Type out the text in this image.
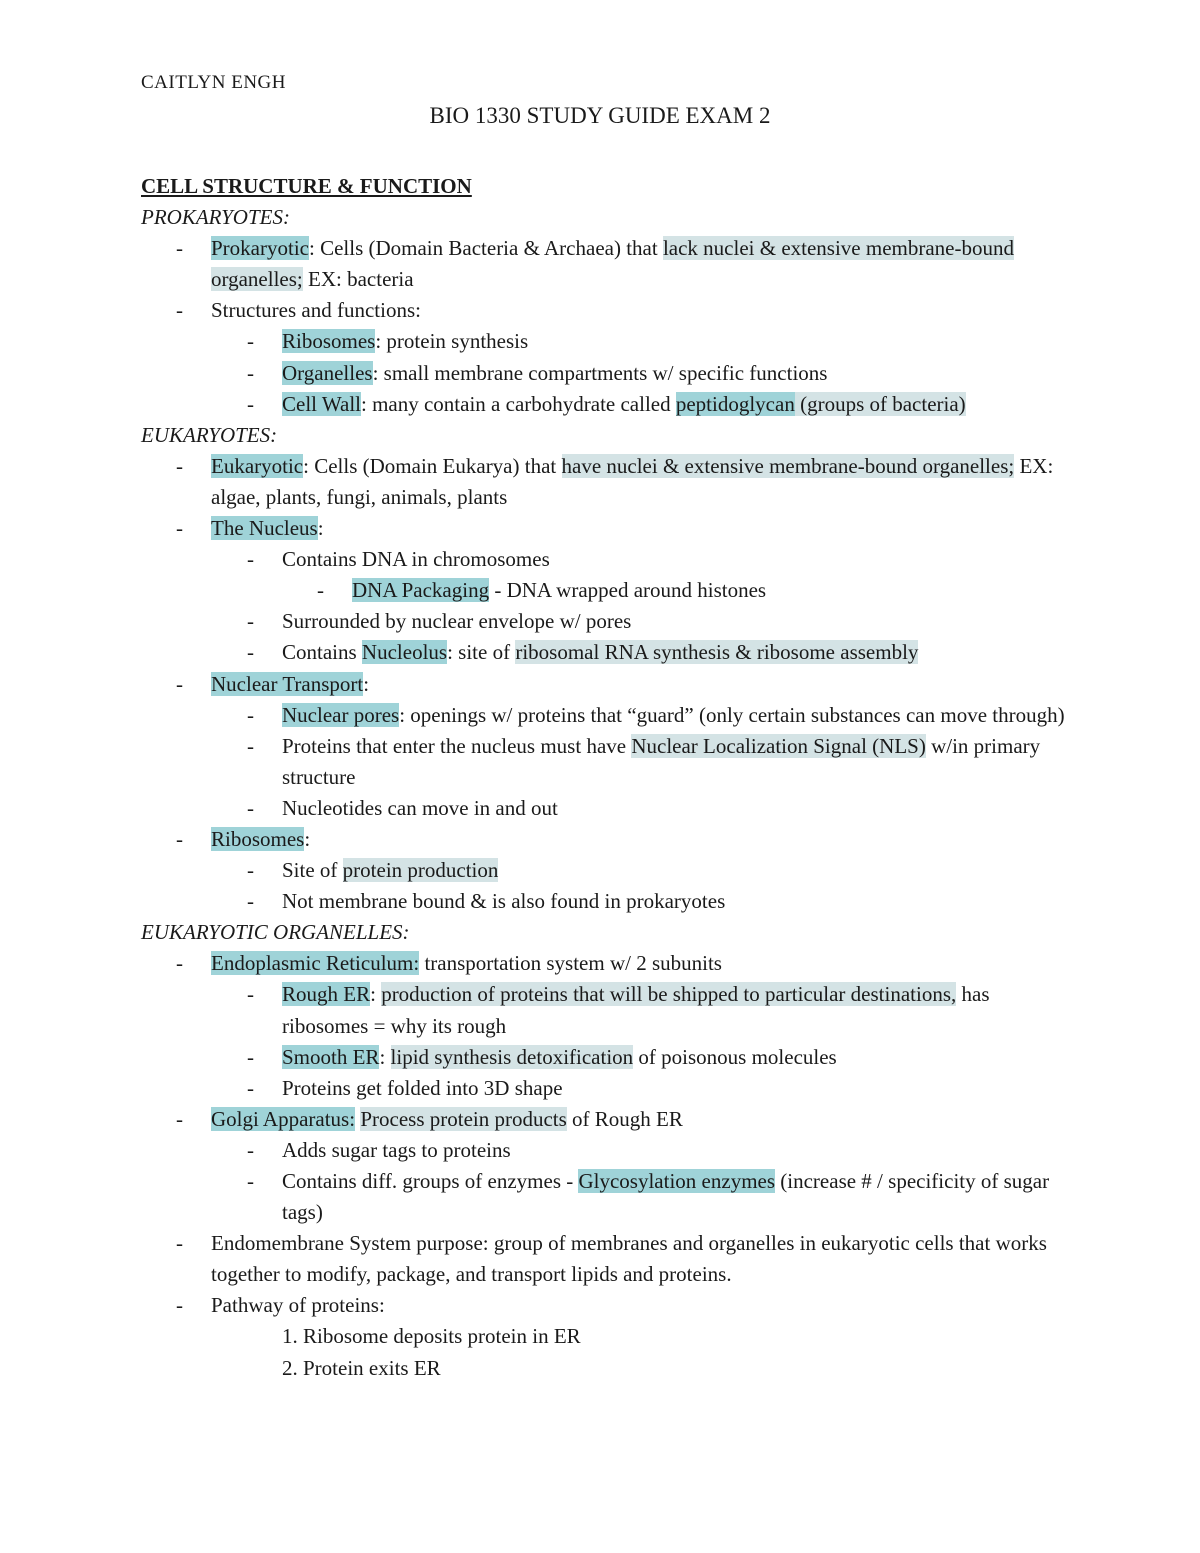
CAITLYN ENGH
BIO 1330 STUDY GUIDE EXAM 2
CELL STRUCTURE & FUNCTION
PROKARYOTES:
- Prokaryotic: Cells (Domain Bacteria & Archaea) that lack nuclei & extensive membrane-bound organelles; EX: bacteria
- Structures and functions:
- Ribosomes: protein synthesis
- Organelles: small membrane compartments w/ specific functions
- Cell Wall: many contain a carbohydrate called peptidoglycan (groups of bacteria)
EUKARYOTES:
- Eukaryotic: Cells (Domain Eukarya) that have nuclei & extensive membrane-bound organelles; EX: algae, plants, fungi, animals, plants
- The Nucleus:
- Contains DNA in chromosomes
- DNA Packaging - DNA wrapped around histones
- Surrounded by nuclear envelope w/ pores
- Contains Nucleolus: site of ribosomal RNA synthesis & ribosome assembly
- Nuclear Transport:
- Nuclear pores: openings w/ proteins that “guard” (only certain substances can move through)
- Proteins that enter the nucleus must have Nuclear Localization Signal (NLS) w/in primary structure
- Nucleotides can move in and out
- Ribosomes:
- Site of protein production
- Not membrane bound & is also found in prokaryotes
EUKARYOTIC ORGANELLES:
- Endoplasmic Reticulum: transportation system w/ 2 subunits
- Rough ER: production of proteins that will be shipped to particular destinations, has ribosomes = why its rough
- Smooth ER: lipid synthesis detoxification of poisonous molecules
- Proteins get folded into 3D shape
- Golgi Apparatus: Process protein products of Rough ER
- Adds sugar tags to proteins
- Contains diff. groups of enzymes - Glycosylation enzymes (increase # / specificity of sugar tags)
- Endomembrane System purpose: group of membranes and organelles in eukaryotic cells that works together to modify, package, and transport lipids and proteins.
- Pathway of proteins:
1. Ribosome deposits protein in ER
2. Protein exits ER
